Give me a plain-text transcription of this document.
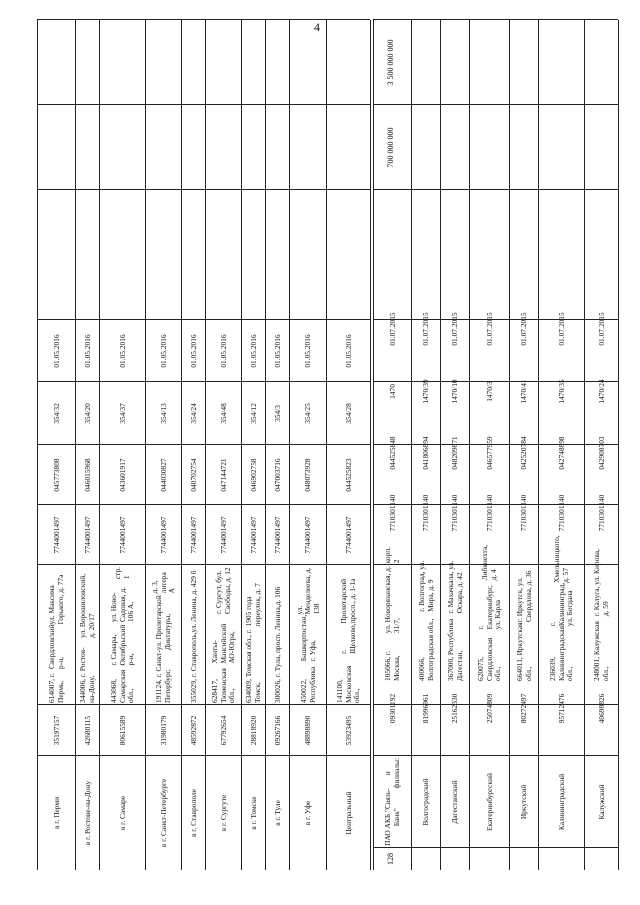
4
в г. Перми
35197157
614007, г. Пермь,

Свердловский р-н,

ул. Максима Горького, д. 77а
7744001497
045773808
354/32
01.05.2016
в г. Ростове-на-Дону
42680115
344006, г. Ростов-на-Дону,

ул. Ворошиловский, д. 20/17
7744001497
046015968
354/20
01.05.2016
в г. Самаре
80615589
443068, Самарская обл.,

г. Самара, Октябрьский р-н,

ул. Ново-Садовая, д. 106 А,

стр. 1
7744001497
043601917
354/37
01.05.2016
в г. Санкт-Петербурге
31980179
191124, г. Санкт-Петербург,

ул. Пролетарской Диктатуры,

д. 3, литера А
7744001497
044030827
354/13
01.05.2016
в г. Ставрополе
48592872
355029, г. Ставрополь,

ул. Ленина, д. 429 б
7744001497
040702754
354/24
01.05.2016
в г. Сургуте
67792654
628417, Тюменская обл.,

Ханты-Мансийский АО-Югра,

г. Сургут, бул. Свободы, д. 12
7744001497
047144721
354/48
01.05.2016
в г. Томске
28818920
634009, Томская обл., г. Томск,

1905 года переулок, д. 7
7744001497
046902758
354/12
01.05.2016
в г. Туле
09267166
300026, г. Тула, просп. Ленина,

д. 106
7744001497
047003716
354/3
01.05.2016
в г. Уфе
48898890
450022, Республика

Башкортостан, г. Уфа,

ул. Менделеева, д. 138
7744001497
048073928
354/25
01.05.2016
Центральный
53923495
141100, Московская обл.,

г. Щелково,

Пролетарский просп., д. 1-1а
7744001497
044525823
354/28
01.05.2016
ПАО АКБ "Связь-Банк"

и филиалы:
09301192
105066, г. Москва,

ул. Новорязанская, д. 31/7,

корп. 2
7710301140
044525848
1470
01.07.2015
Волгоградский
81996961
400066, Волгоградская обл.,

г. Волгоград, ул. Мира, д. 9
7710301140
041806894
1470/39
01.07.2015
Дагестанский
25162330
367000, Республика Дагестан,

г. Махачкала, ул. Оскара, д. 42
7710301140
048209871
1470/10
01.07.2015
Екатеринбургский
25074809
620075, Свердловская обл.,

г. Екатеринбург, ул. Карла

Либкнехта, д. 4
7710301140
046577959
1470/3
01.07.2015
Иркутский
80272497
664011, Иркутская обл.,

г. Иркутск, ул. Свердлова, д. 36
7710301140
042520784
1470/41
01.07.2015
Калининградский
95712476
236039, Калининградская обл.,

г. Калининград, ул. Богдана

Хмельницкого, д. 57
7710301140
042748898
1470/35
01.07.2015
Калужский
40698826
248001, Калужская обл.,

г. Калуга, ул. Кирова, д. 59
7710301140
042908703
1470/24
01.07.2015
128
700 000 000
3 500 000 000
